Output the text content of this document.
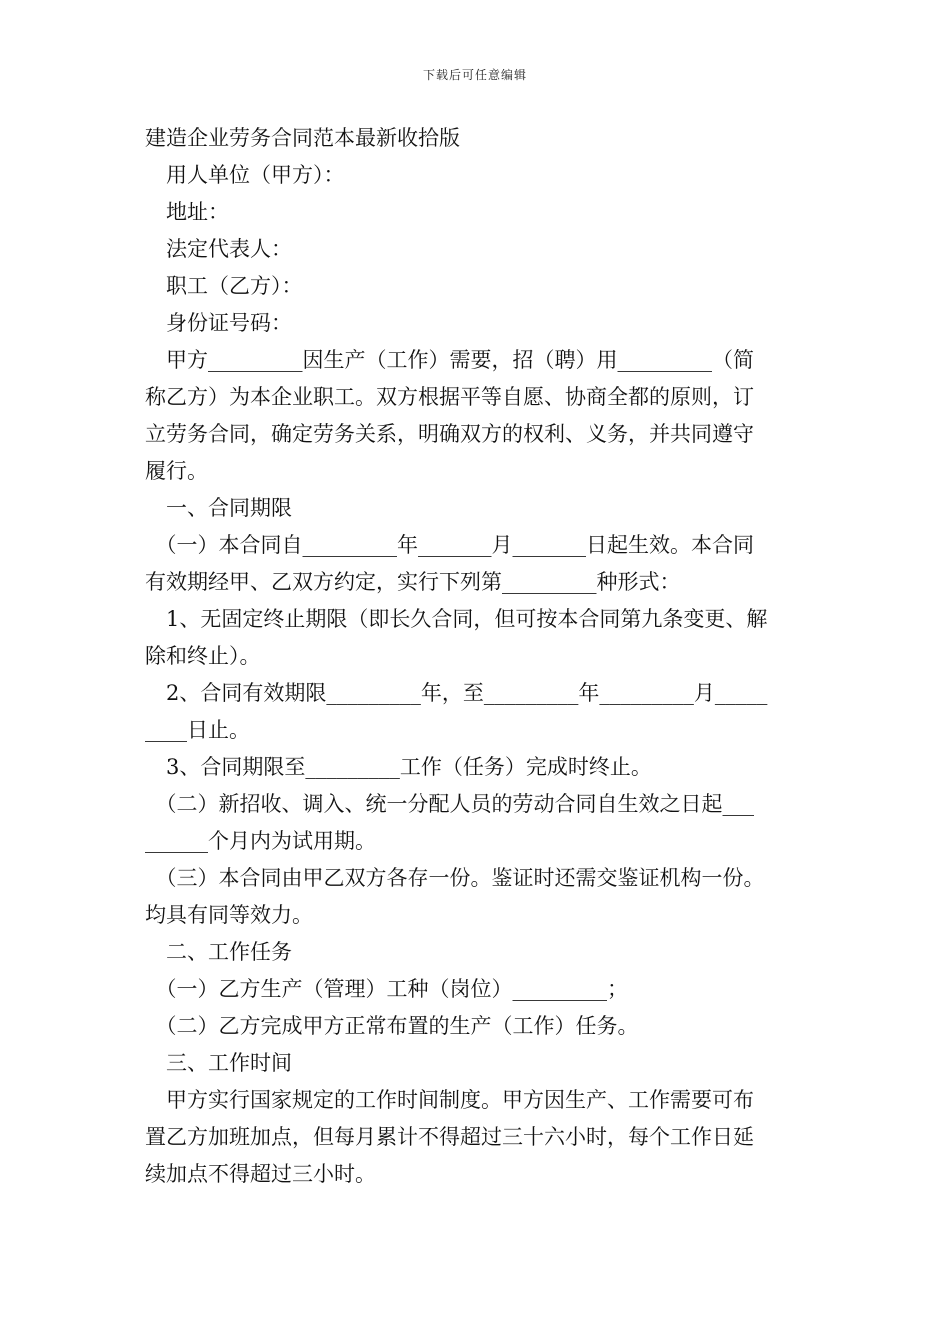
下载后可任意编辑
建造企业劳务合同范本最新收拾版
　用人单位（甲方）：
　地址：
　法定代表人：
　职工（乙方）：
　身份证号码：
　甲方_________因生产（工作）需要，招（聘）用_________（简
称乙方）为本企业职工。双方根据平等自愿、协商全都的原则，订
立劳务合同，确定劳务关系，明确双方的权利、义务，并共同遵守
履行。
　一、合同期限
　（一）本合同自_________年_______月_______日起生效。本合同
有效期经甲、乙双方约定，实行下列第_________种形式：
　1、无固定终止期限（即长久合同，但可按本合同第九条变更、解
除和终止）。
　2、合同有效期限_________年，至_________年_________月_____
____日止。
　3、合同期限至_________工作（任务）完成时终止。
　（二）新招收、调入、统一分配人员的劳动合同自生效之日起___
______个月内为试用期。
　（三）本合同由甲乙双方各存一份。鉴证时还需交鉴证机构一份。
均具有同等效力。
　二、工作任务
　（一）乙方生产（管理）工种（岗位）_________；
　（二）乙方完成甲方正常布置的生产（工作）任务。
　三、工作时间
　甲方实行国家规定的工作时间制度。甲方因生产、工作需要可布
置乙方加班加点，但每月累计不得超过三十六小时，每个工作日延
续加点不得超过三小时。
